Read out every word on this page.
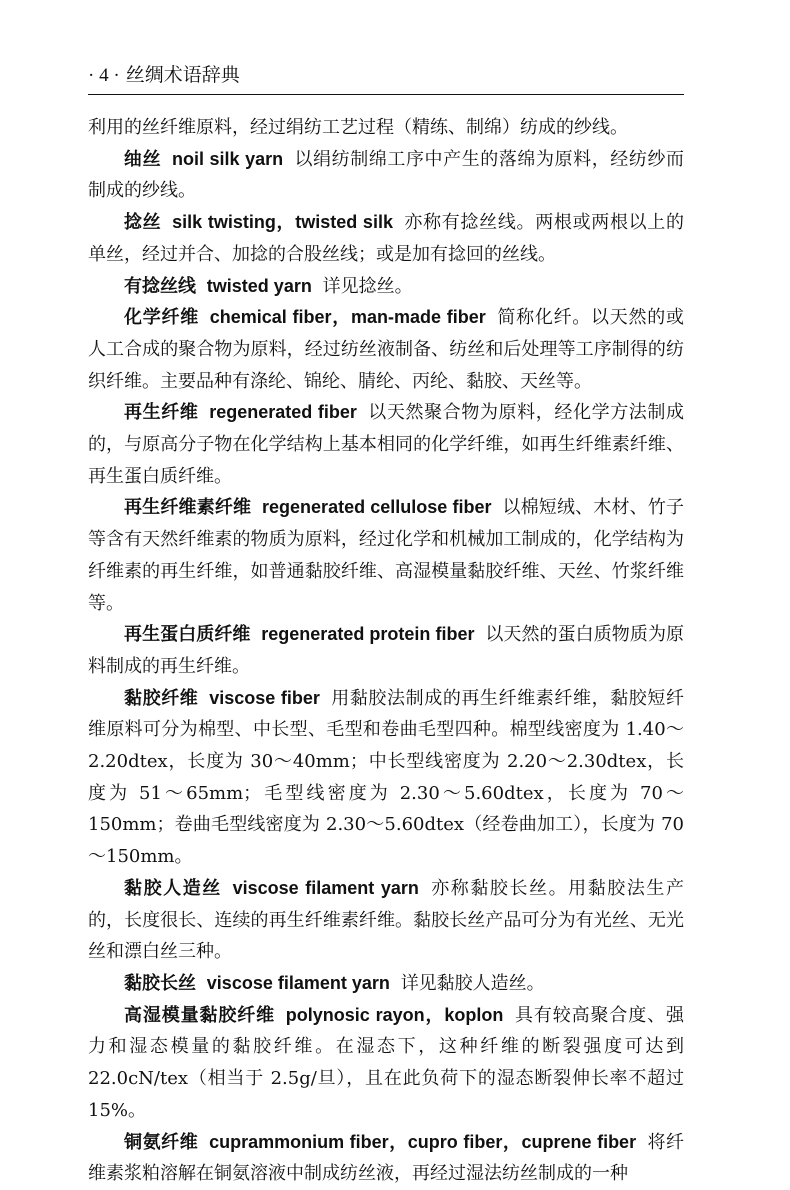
· 4 · 丝绸术语辞典

利用的丝纤维原料，经过绢纺工艺过程（精练、制绵）纺成的纱线。

䌷丝 noil silk yarn 以绢纺制绵工序中产生的落绵为原料，经纺纱而制成的纱线。

捻丝 silk twisting，twisted silk 亦称有捻丝线。两根或两根以上的单丝，经过并合、加捻的合股丝线；或是加有捻回的丝线。

有捻丝线 twisted yarn 详见捻丝。

化学纤维 chemical fiber，man-made fiber 简称化纤。以天然的或人工合成的聚合物为原料，经过纺丝液制备、纺丝和后处理等工序制得的纺织纤维。主要品种有涤纶、锦纶、腈纶、丙纶、黏胶、天丝等。

再生纤维 regenerated fiber 以天然聚合物为原料，经化学方法制成的，与原高分子物在化学结构上基本相同的化学纤维，如再生纤维素纤维、再生蛋白质纤维。

再生纤维素纤维 regenerated cellulose fiber 以棉短绒、木材、竹子等含有天然纤维素的物质为原料，经过化学和机械加工制成的，化学结构为纤维素的再生纤维，如普通黏胶纤维、高湿模量黏胶纤维、天丝、竹浆纤维等。

再生蛋白质纤维 regenerated protein fiber 以天然的蛋白质物质为原料制成的再生纤维。

黏胶纤维 viscose fiber 用黏胶法制成的再生纤维素纤维，黏胶短纤维原料可分为棉型、中长型、毛型和卷曲毛型四种。棉型线密度为 1.40～2.20dtex，长度为 30～40mm；中长型线密度为 2.20～2.30dtex，长度为 51～65mm；毛型线密度为 2.30～5.60dtex，长度为 70～150mm；卷曲毛型线密度为 2.30～5.60dtex（经卷曲加工），长度为 70～150mm。

黏胶人造丝 viscose filament yarn 亦称黏胶长丝。用黏胶法生产的，长度很长、连续的再生纤维素纤维。黏胶长丝产品可分为有光丝、无光丝和漂白丝三种。

黏胶长丝 viscose filament yarn 详见黏胶人造丝。

高湿模量黏胶纤维 polynosic rayon，koplon 具有较高聚合度、强力和湿态模量的黏胶纤维。在湿态下，这种纤维的断裂强度可达到 22.0cN/tex（相当于 2.5g/旦），且在此负荷下的湿态断裂伸长率不超过 15%。

铜氨纤维 cuprammonium fiber，cupro fiber，cuprene fiber 将纤维素浆粕溶解在铜氨溶液中制成纺丝液，再经过湿法纺丝制成的一种
